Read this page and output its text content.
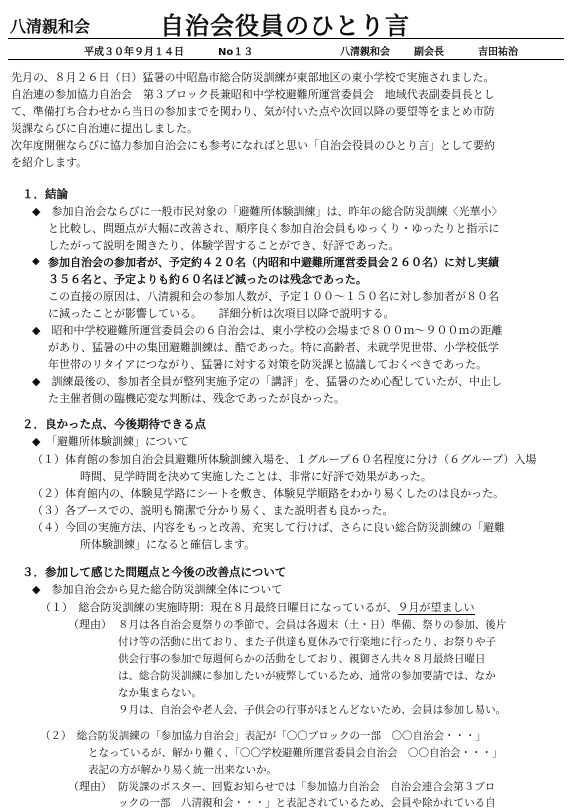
八清親和会	自治会役員のひとり言
平成３０年９月１４日	No１３	八清親和会 副会長	吉田祐治
先月の、８月２６日（日）猛暑の中昭島市総合防災訓練が東部地区の東小学校で実施されました。
自治連の参加協力自治会　第３ブロック長兼昭和中学校避難所運営委員会　地域代表副委員長とし
て、準備打ち合わせから当日の参加までを関わり、気が付いた点や次回以降の要望等をまとめ市防
災課ならびに自治連に提出しました。
次年度開催ならびに協力参加自治会にも参考になればと思い「自治会役員のひとり言」として要約
を紹介します。
１．結論
◆　参加自治会ならびに一般市民対象の「避難所体験訓練」は、昨年の総合防災訓練〈光華小〉
と比較し、問題点が大幅に改善され、順序良く参加自治会員もゆっくり・ゆったりと指示に
したがって説明を聞きたり、体験学習することができ、好評であった。
◆ 参加自治会の参加者が、予定約４２０名（内昭和中避難所運営委員会２６０名）に対し実績
３５６名と、予定よりも約６０名ほど減ったのは残念であった。
この直接の原因は、八清親和会の参加人数が、予定１００～１５０名に対し参加者が８０名
に減ったことが影響している。　　詳細分析は次項目以降で説明する。
◆　昭和中学校避難所運営委員会の６自治会は、東小学校の会場まで８００ｍ～９００ｍの距離
があり、猛暑の中の集団避難訓練は、酷であった。特に高齢者、未就学児世帯、小学校低学
年世帯のリタイアにつながり、猛暑に対する対策を防災課と協議しておくべきであった。
◆　訓練最後の、参加者全員が整列実施予定の「講評」を、猛暑のため心配していたが、中止し
た主催者側の臨機応変な判断は、残念であったが良かった。
２．良かった点、今後期待できる点
◆　「避難所体験訓練」について
（１）体育館の参加自治会員避難所体験訓練入場を、１グループ６０名程度に分け（６グループ）入場
時間、見学時間を決めて実施したことは、非常に好評で効果があった。
（２）体育館内の、体験見学路にシートを敷き、体験見学順路をわかり易くしたのは良かった。
（３）各ブースでの、説明も簡潔で分かり易く、また説明者も良かった。
（４）今回の実施方法、内容をもっと改善、充実して行けば、さらに良い総合防災訓練の「避難
所体験訓練」になると確信します。
３．参加して感じた問題点と今後の改善点について
◆　参加自治会から見た総合防災訓練全体について
（１）　総合防災訓練の実施時期：現在８月最終日曜日になっているが、９月が望ましい
（理由） ８月は各自治会夏祭りの季節で、会員は各週末（土・日）準備、祭りの参加、後片
付け等の活動に出ており、また子供達も夏休みで行楽地に行ったり、お祭りや子
供会行事の参加で毎週何らかの活動をしており、親御さん共々８月最終日曜日
は、総合防災訓練に参加したいが疲弊しているため、通常の参加要請では、なか
なか集まらない。
９月は、自治会や老人会、子供会の行事がほとんどないため、会員は参加し易い。
（２）　総合防災訓練の「参加協力自治会」表記が「〇〇ブロックの一部　〇〇自治会・・・」
となっているが、解かり難く、「〇〇学校避難所運営委員会自治会　〇〇自治会・・・」
表記の方が解かり易く統一出来ないか。
（理由） 防災課のポスター、回覧お知らせでは「参加協力自治会　自治会連合会第３ブロ
ックの一部　八清親和会・・・」と表記されているため、会員や除かれている自
